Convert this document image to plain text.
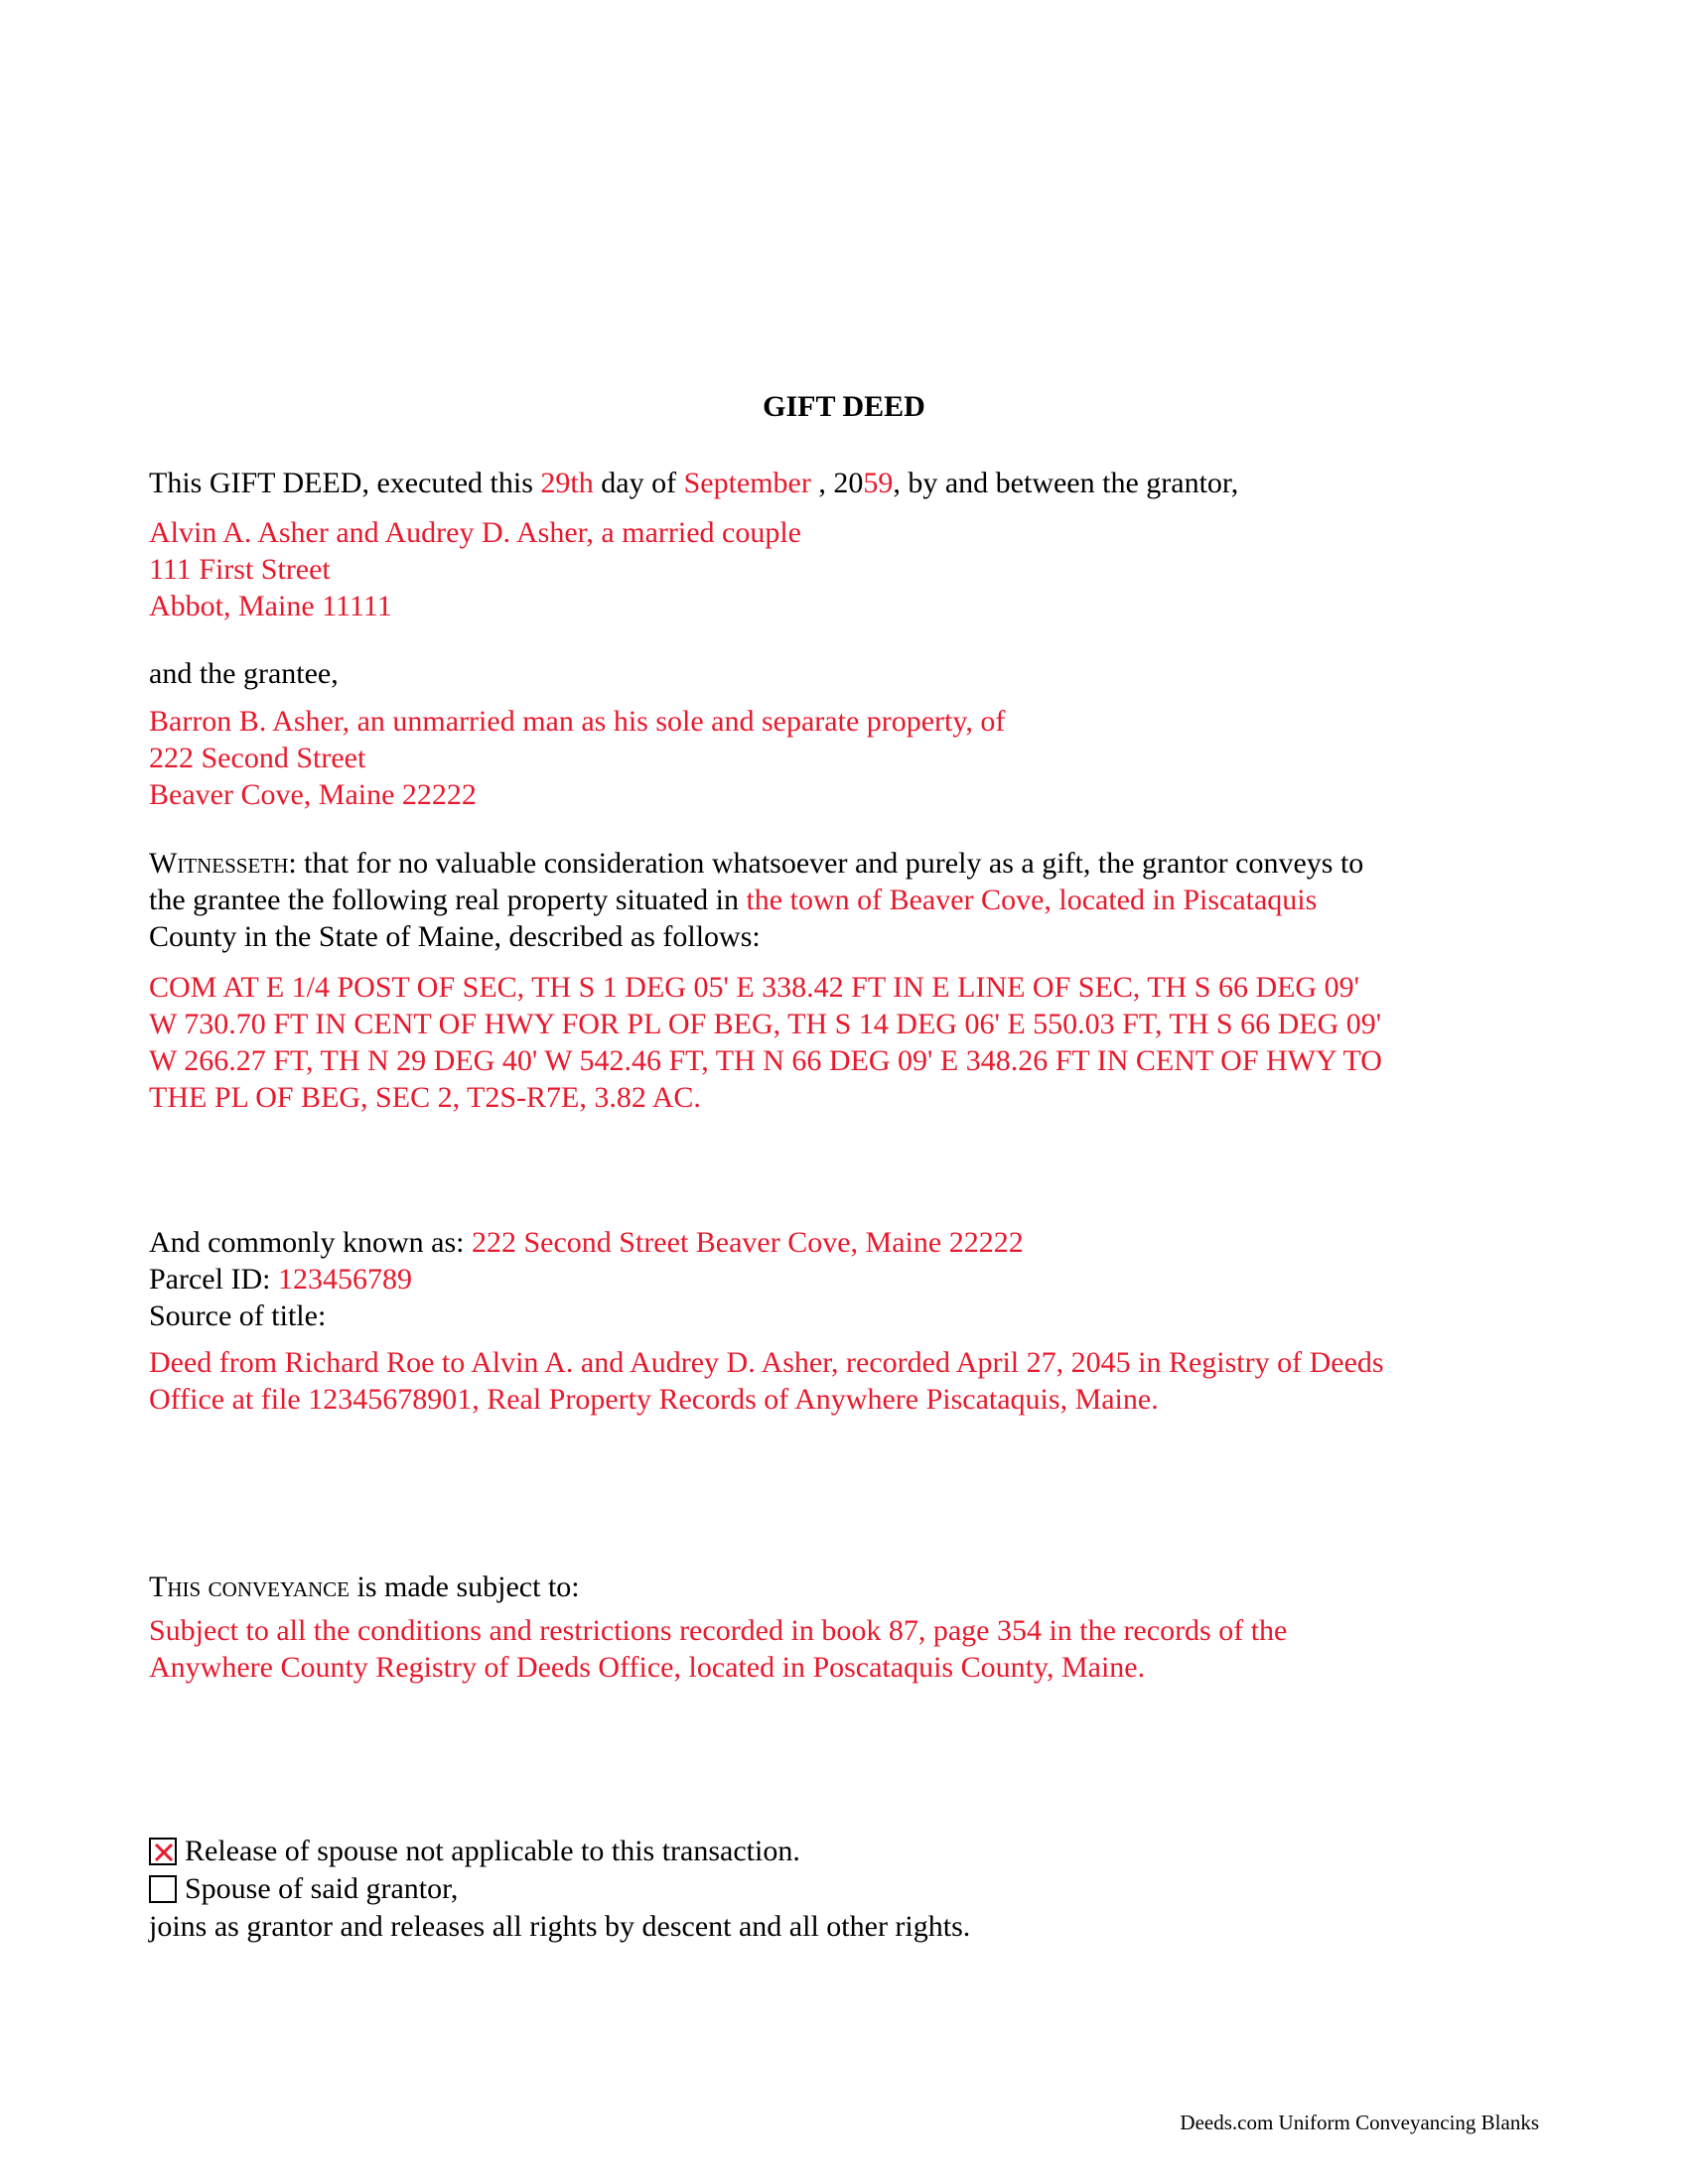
GIFT DEED
This GIFT DEED, executed this 29th day of September , 2059, by and between the grantor,
Alvin A. Asher and Audrey D. Asher, a married couple
111 First Street
Abbot, Maine 11111
and the grantee,
Barron B. Asher, an unmarried man as his sole and separate property, of
222 Second Street
Beaver Cove, Maine 22222
Witnesseth: that for no valuable consideration whatsoever and purely as a gift, the grantor conveys to
the grantee the following real property situated in the town of Beaver Cove, located in Piscataquis
County in the State of Maine, described as follows:
COM AT E 1/4 POST OF SEC, TH S 1 DEG 05' E 338.42 FT IN E LINE OF SEC, TH S 66 DEG 09'
W 730.70 FT IN CENT OF HWY FOR PL OF BEG, TH S 14 DEG 06' E 550.03 FT, TH S 66 DEG 09'
W 266.27 FT, TH N 29 DEG 40' W 542.46 FT, TH N 66 DEG 09' E 348.26 FT IN CENT OF HWY TO
THE PL OF BEG, SEC 2, T2S-R7E, 3.82 AC.
And commonly known as: 222 Second Street Beaver Cove, Maine 22222
Parcel ID: 123456789
Source of title:
Deed from Richard Roe to Alvin A. and Audrey D. Asher, recorded April 27, 2045 in Registry of Deeds
Office at file 12345678901, Real Property Records of Anywhere Piscataquis, Maine.
This conveyance is made subject to:
Subject to all the conditions and restrictions recorded in book 87, page 354 in the records of the
Anywhere County Registry of Deeds Office, located in Poscataquis County, Maine.
Release of spouse not applicable to this transaction.
Spouse of said grantor,
joins as grantor and releases all rights by descent and all other rights.
Deeds.com Uniform Conveyancing Blanks
